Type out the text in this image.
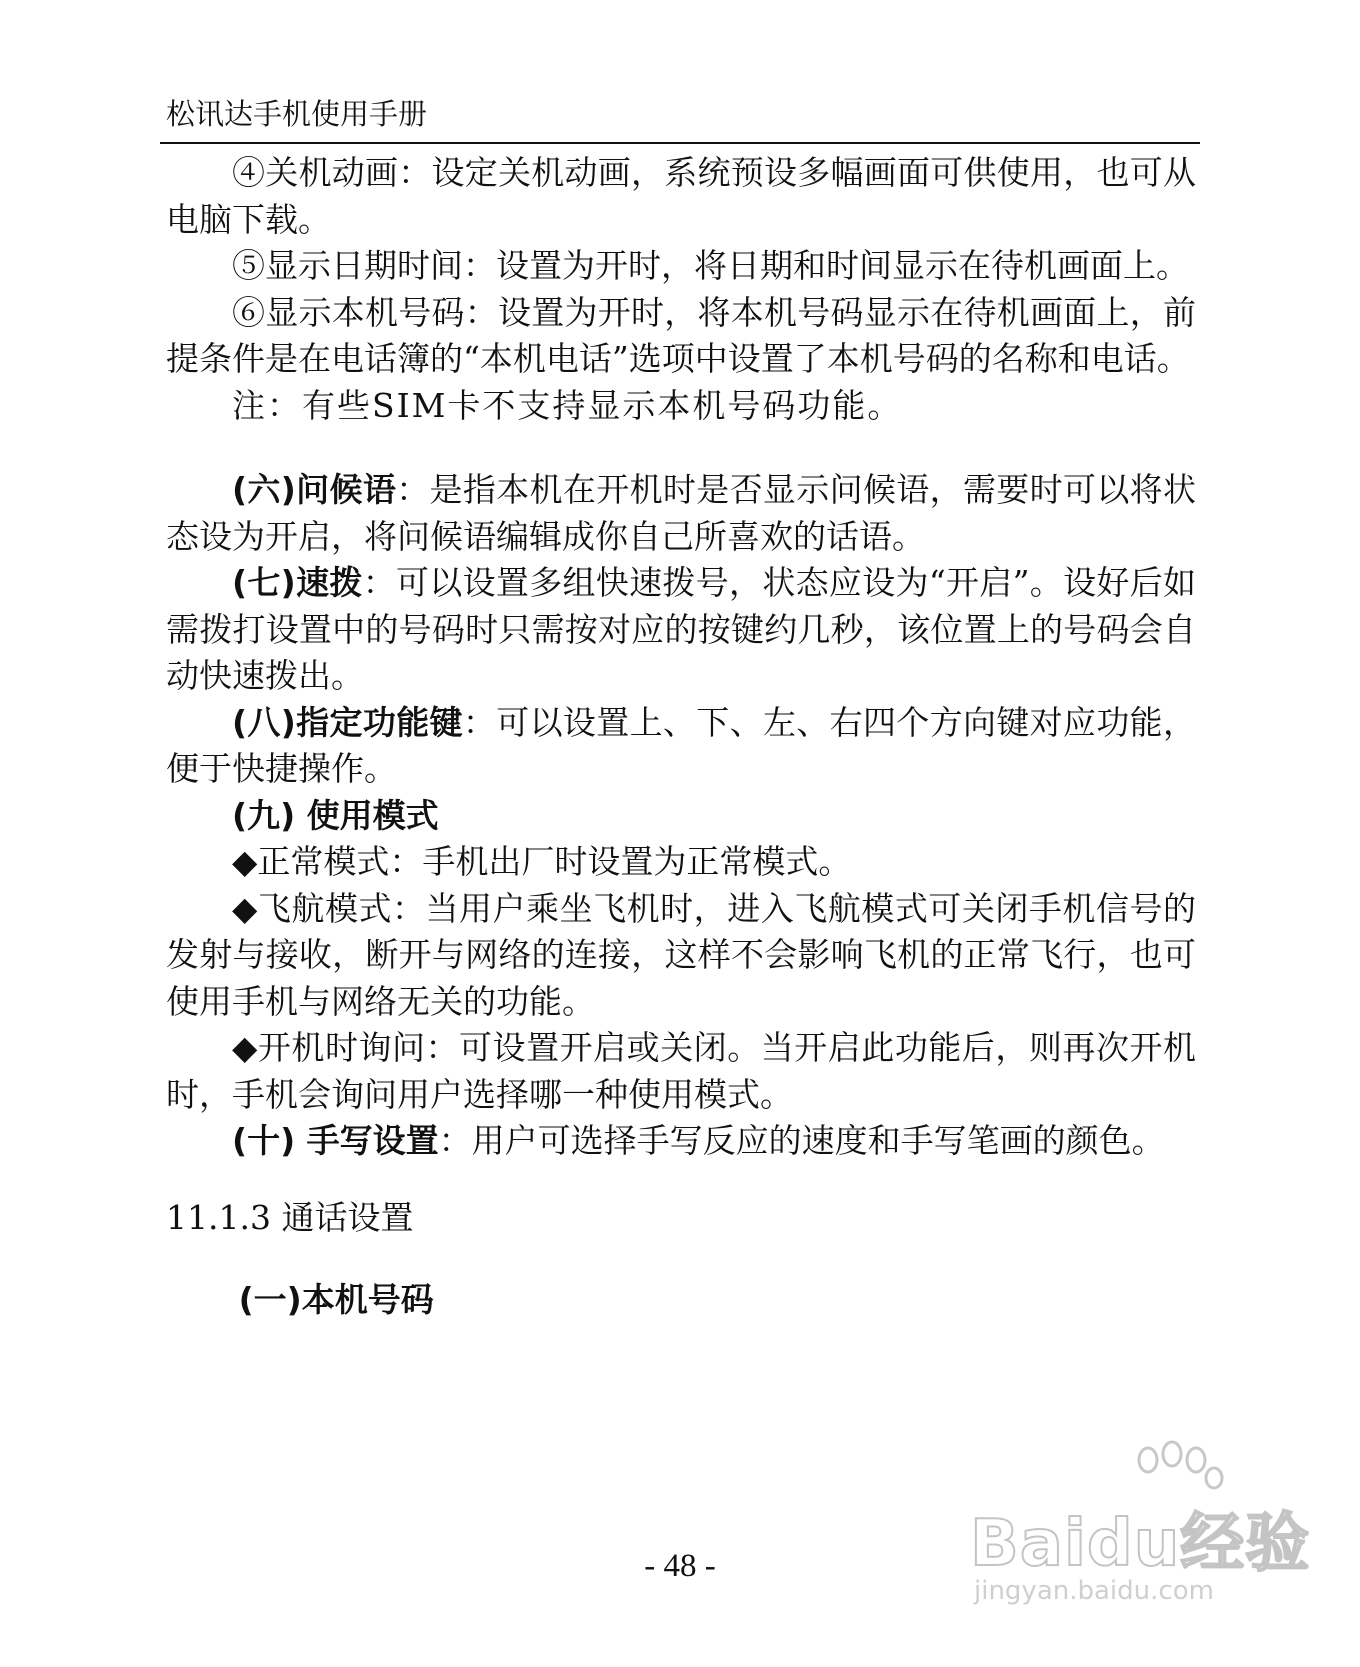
松讯达手机使用手册

④关机动画：设定关机动画，系统预设多幅画面可供使用，也可从电脑下载。

⑤显示日期时间：设置为开时，将日期和时间显示在待机画面上。

⑥显示本机号码：设置为开时，将本机号码显示在待机画面上，前提条件是在电话簿的“本机电话”选项中设置了本机号码的名称和电话。

注：有些SIM卡不支持显示本机号码功能。

(六)问候语：是指本机在开机时是否显示问候语，需要时可以将状态设为开启，将问候语编辑成你自己所喜欢的话语。

(七)速拨：可以设置多组快速拨号，状态应设为“开启”。设好后如需拨打设置中的号码时只需按对应的按键约几秒，该位置上的号码会自动快速拨出。

(八)指定功能键：可以设置上、下、左、右四个方向键对应功能，便于快捷操作。

(九) 使用模式

◆正常模式：手机出厂时设置为正常模式。

◆飞航模式：当用户乘坐飞机时，进入飞航模式可关闭手机信号的发射与接收，断开与网络的连接，这样不会影响飞机的正常飞行，也可使用手机与网络无关的功能。

◆开机时询问：可设置开启或关闭。当开启此功能后，则再次开机时，手机会询问用户选择哪一种使用模式。

(十) 手写设置：用户可选择手写反应的速度和手写笔画的颜色。

11.1.3 通话设置

(一)本机号码

- 48 -	Baidu经验
jingyan.baidu.com
